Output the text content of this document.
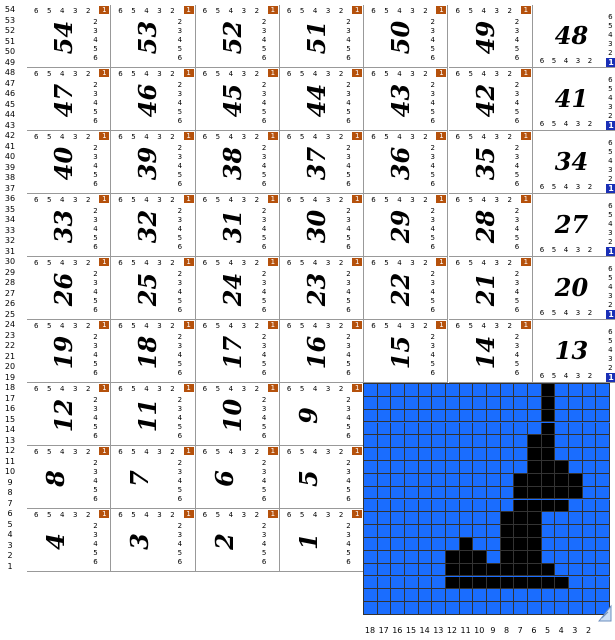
54
53
52
51
50
49
48
47
46
45
44
43
42
41
40
39
38
37
36
35
34
33
32
31
30
29
28
27
26
25
24
23
22
21
20
19
18
17
16
15
14
13
12
11
10
9
8
7
6
5
4
3
2
1
6 5 4 3 2
2
3
4
5
6
1
54
6 5 4 3 2
2
3
4
5
6
1
53
6 5 4 3 2
2
3
4
5
6
1
52
6 5 4 3 2
2
3
4
5
6
1
51
6 5 4 3 2
2
3
4
5
6
1
50
6 5 4 3 2
2
3
4
5
6
1
49
6 5 4 3 2
2
3
4
5
6
1
48
6 5 4 3 2
2
3
4
5
6
1
47
6 5 4 3 2
2
3
4
5
6
1
46
6 5 4 3 2
2
3
4
5
6
1
45
6 5 4 3 2
2
3
4
5
6
1
44
6 5 4 3 2
2
3
4
5
6
1
43
6 5 4 3 2
2
3
4
5
6
1
42
6 5 4 3 2
2
3
4
5
6
1
41
6 5 4 3 2
2
3
4
5
6
1
40
6 5 4 3 2
2
3
4
5
6
1
39
6 5 4 3 2
2
3
4
5
6
1
38
6 5 4 3 2
2
3
4
5
6
1
37
6 5 4 3 2
2
3
4
5
6
1
36
6 5 4 3 2
2
3
4
5
6
1
35
6 5 4 3 2
2
3
4
5
6
1
34
6 5 4 3 2
2
3
4
5
6
1
33
6 5 4 3 2
2
3
4
5
6
1
32
6 5 4 3 2
2
3
4
5
6
1
31
6 5 4 3 2
2
3
4
5
6
1
30
6 5 4 3 2
2
3
4
5
6
1
29
6 5 4 3 2
2
3
4
5
6
1
28
6 5 4 3 2
2
3
4
5
6
1
27
6 5 4 3 2
2
3
4
5
6
1
26
6 5 4 3 2
2
3
4
5
6
1
25
6 5 4 3 2
2
3
4
5
6
1
24
6 5 4 3 2
2
3
4
5
6
1
23
6 5 4 3 2
2
3
4
5
6
1
22
6 5 4 3 2
2
3
4
5
6
1
21
6 5 4 3 2
2
3
4
5
6
1
20
6 5 4 3 2
2
3
4
5
6
1
19
6 5 4 3 2
2
3
4
5
6
1
18
6 5 4 3 2
2
3
4
5
6
1
17
6 5 4 3 2
2
3
4
5
6
1
16
6 5 4 3 2
2
3
4
5
6
1
15
6 5 4 3 2
2
3
4
5
6
1
14
6 5 4 3 2
2
3
4
5
6
1
13
6 5 4 3 2
2
3
4
5
6
1
12
6 5 4 3 2
2
3
4
5
6
1
11
6 5 4 3 2
2
3
4
5
6
1
10
6 5 4 3 2
2
3
4
5
6
1
9
6 5 4 3 2
2
3
4
5
6
1
8
6 5 4 3 2
2
3
4
5
6
1
7
6 5 4 3 2
2
3
4
5
6
1
6
6 5 4 3 2
2
3
4
5
6
1
5
6 5 4 3 2
2
3
4
5
6
1
4
6 5 4 3 2
2
3
4
5
6
1
3
6 5 4 3 2
2
3
4
5
6
1
2
6 5 4 3 2
2
3
4
5
6
1
1
18 17 16 15 14 13 12 11 10 9	8	7	6	5	4	3	2
